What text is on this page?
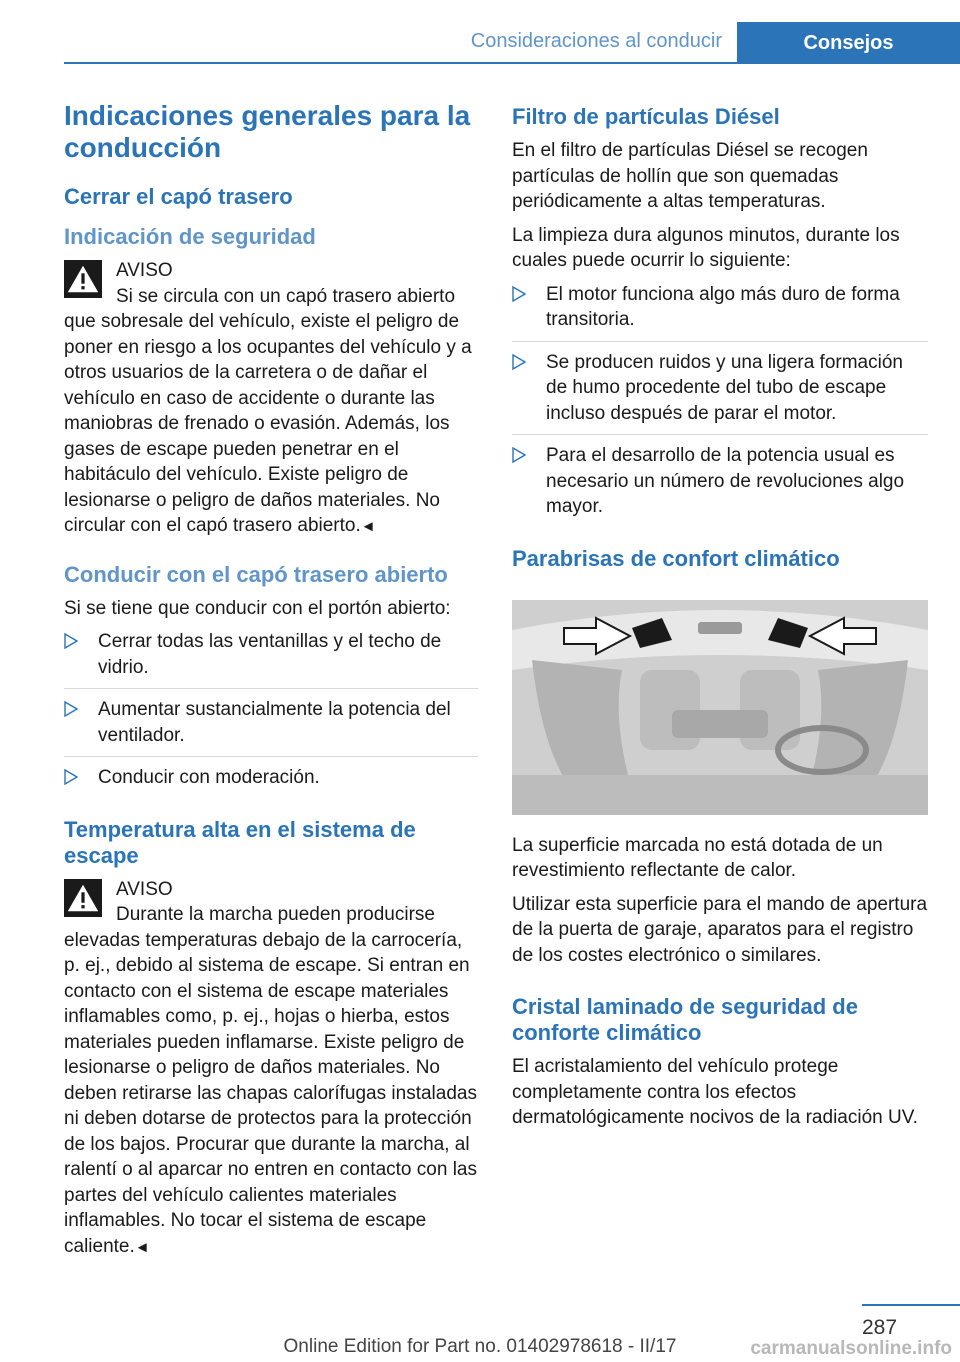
Consideraciones al conducir	Consejos
Indicaciones generales para la conducción
Cerrar el capó trasero
Indicación de seguridad
AVISO
Si se circula con un capó trasero abierto que sobresale del vehículo, existe el peligro de poner en riesgo a los ocupantes del vehículo y a otros usuarios de la carretera o de dañar el vehículo en caso de accidente o durante las maniobras de frenado o evasión. Además, los gases de escape pueden penetrar en el habitáculo del vehículo. Existe peligro de lesionarse o peligro de daños materiales. No circular con el capó trasero abierto.◄
Conducir con el capó trasero abierto

Si se tiene que conducir con el portón abierto:

Cerrar todas las ventanillas y el techo de vidrio.
Aumentar sustancialmente la potencia del ventilador.
Conducir con moderación.
Temperatura alta en el sistema de escape
AVISO
Durante la marcha pueden producirse elevadas temperaturas debajo de la carrocería, p. ej., debido al sistema de escape. Si entran en contacto con el sistema de escape materiales inflamables como, p. ej., hojas o hierba, estos materiales pueden inflamarse. Existe peligro de lesionarse o peligro de daños materiales. No deben retirarse las chapas calorífugas instaladas ni deben dotarse de protectos para la protección de los bajos. Procurar que durante la marcha, al ralentí o al aparcar no entren en contacto con las partes del vehículo calientes materiales inflamables. No tocar el sistema de escape caliente.◄
Filtro de partículas Diésel

En el filtro de partículas Diésel se recogen partículas de hollín que son quemadas periódicamente a altas temperaturas.

La limpieza dura algunos minutos, durante los cuales puede ocurrir lo siguiente:

El motor funciona algo más duro de forma transitoria.
Se producen ruidos y una ligera formación de humo procedente del tubo de escape incluso después de parar el motor.
Para el desarrollo de la potencia usual es necesario un número de revoluciones algo mayor.
Parabrisas de confort climático

La superficie marcada no está dotada de un revestimiento reflectante de calor.

Utilizar esta superficie para el mando de apertura de la puerta de garaje, aparatos para el registro de los costes electrónico o similares.

Cristal laminado de seguridad de conforte climático

El acristalamiento del vehículo protege completamente contra los efectos dermatológicamente nocivos de la radiación UV.

287
Online Edition for Part no. 01402978618 - II/17	carmanualsonline.info
